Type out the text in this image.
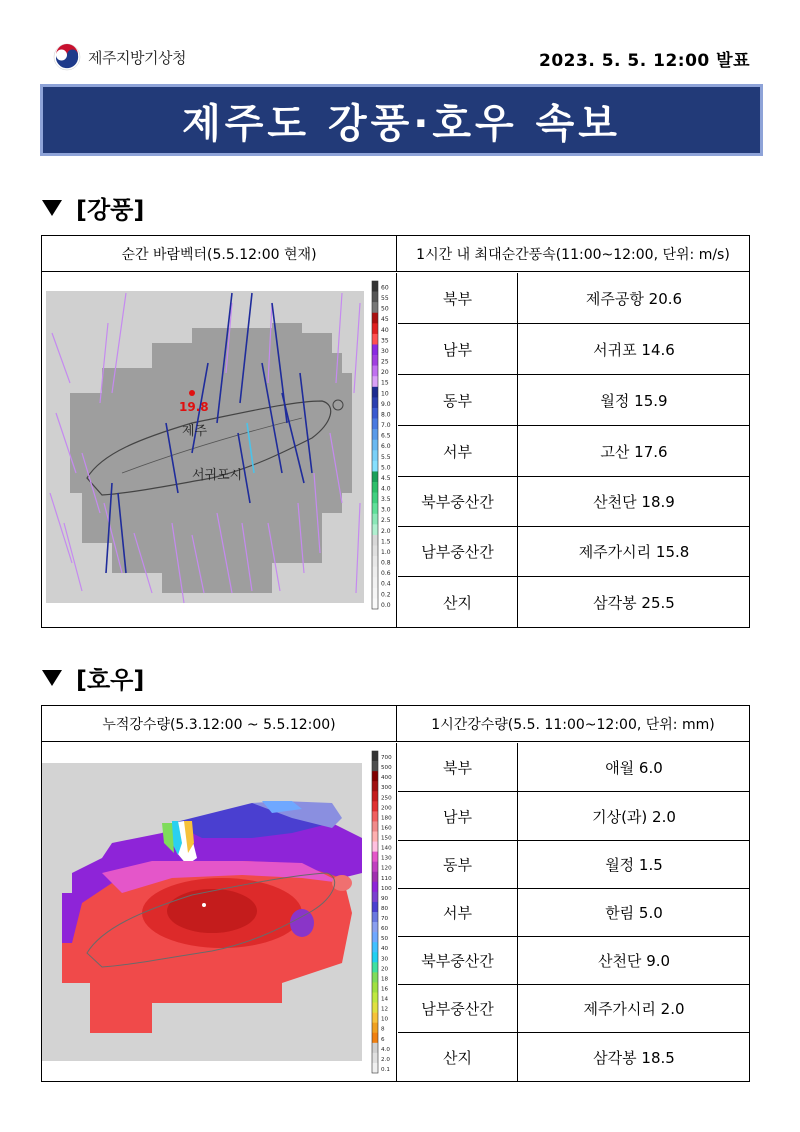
제주지방기상청	2023. 5. 5. 12:00 발표
제주도 강풍·호우 속보
[강풍]
순간 바람벡터(5.5.12:00 현재)	1시간 내 최대순간풍속(11:00~12:00, 단위: m/s)
19.8
제주
서귀포시
60
55
50
45
40
35
30
25
20
15
10
9.0
8.0
7.0
6.5
6.0
5.5
5.0
4.5
4.0
3.5
3.0
2.5
2.0
1.5
1.0
0.8
0.6
0.4
0.2
0.0
북부	제주공항 20.6
남부	서귀포 14.6
동부	월정 15.9
서부	고산 17.6
북부중산간	산천단 18.9
남부중산간	제주가시리 15.8
산지	삼각봉 25.5
[호우]
누적강수량(5.3.12:00 ~ 5.5.12:00)	1시간강수량(5.5. 11:00~12:00, 단위: mm)
700
500
400
300
250
200
180
160
150
140
130
120
110
100
90
80
70
60
50
40
30
20
18
16
14
12
10
8
6
4.0
2.0
0.1
북부	애월 6.0
남부	기상(과) 2.0
동부	월정 1.5
서부	한림 5.0
북부중산간	산천단 9.0
남부중산간	제주가시리 2.0
산지	삼각봉 18.5
